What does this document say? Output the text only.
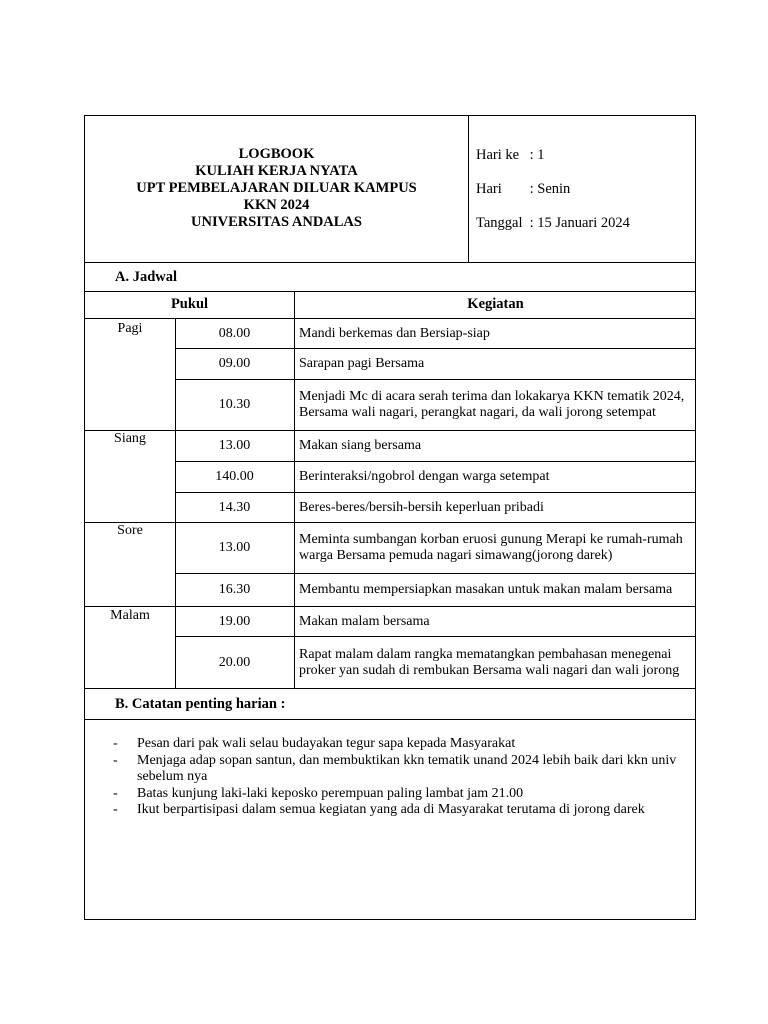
LOGBOOK
KULIAH KERJA NYATA
UPT PEMBELAJARAN DILUAR KAMPUS
KKN 2024
UNIVERSITAS ANDALAS
Hari ke : 1
Hari : Senin
Tanggal : 15 Januari 2024
A. Jadwal
Pukul	Kegiatan
Pagi
Siang
Sore
Malam
08.00
09.00
10.30
13.00
140.00
14.30
13.00
16.30
19.00
20.00
Mandi berkemas dan Bersiap-siap
Sarapan pagi Bersama
Menjadi Mc di acara serah terima dan lokakarya KKN tematik 2024, Bersama wali nagari, perangkat nagari, da wali jorong setempat
Makan siang bersama
Berinteraksi/ngobrol dengan warga setempat
Beres-beres/bersih-bersih keperluan pribadi
Meminta sumbangan korban eruosi gunung Merapi ke rumah-rumah warga Bersama pemuda nagari simawang(jorong darek)
Membantu mempersiapkan masakan untuk makan malam bersama
Makan malam bersama
Rapat malam dalam rangka mematangkan pembahasan menegenai proker yan sudah di rembukan Bersama wali nagari dan wali jorong
B. Catatan penting harian :
- Pesan dari pak wali selau budayakan tegur sapa kepada Masyarakat
- Menjaga adap sopan santun, dan membuktikan kkn tematik unand 2024 lebih baik dari kkn univ sebelum nya
- Batas kunjung laki-laki keposko perempuan paling lambat jam 21.00
- Ikut berpartisipasi dalam semua kegiatan yang ada di Masyarakat terutama di jorong darek
